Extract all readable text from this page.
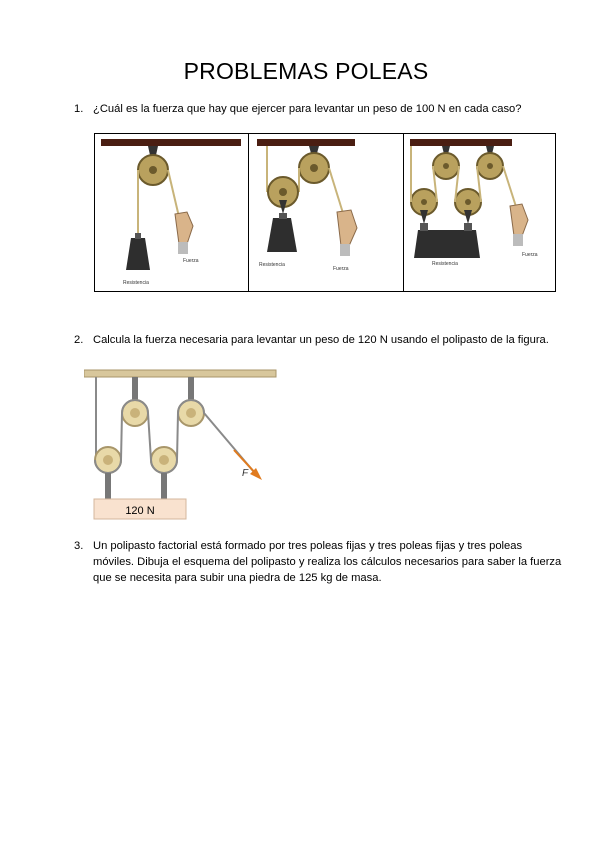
PROBLEMAS POLEAS
1. ¿Cuál es la fuerza que hay que ejercer para levantar un peso de 100 N en cada caso?
Resistencia
Fuerza
Resistencia
Fuerza
Resistencia
Fuerza
2. Calcula la fuerza necesaria para levantar un peso de 120 N usando el polipasto de la figura.
F
120 N
3. Un polipasto factorial está formado por tres poleas fijas y tres poleas fijas y tres poleas
móviles. Dibuja el esquema del polipasto y realiza los cálculos necesarios para saber la fuerza
que se necesita para subir una piedra de 125 kg de masa.
